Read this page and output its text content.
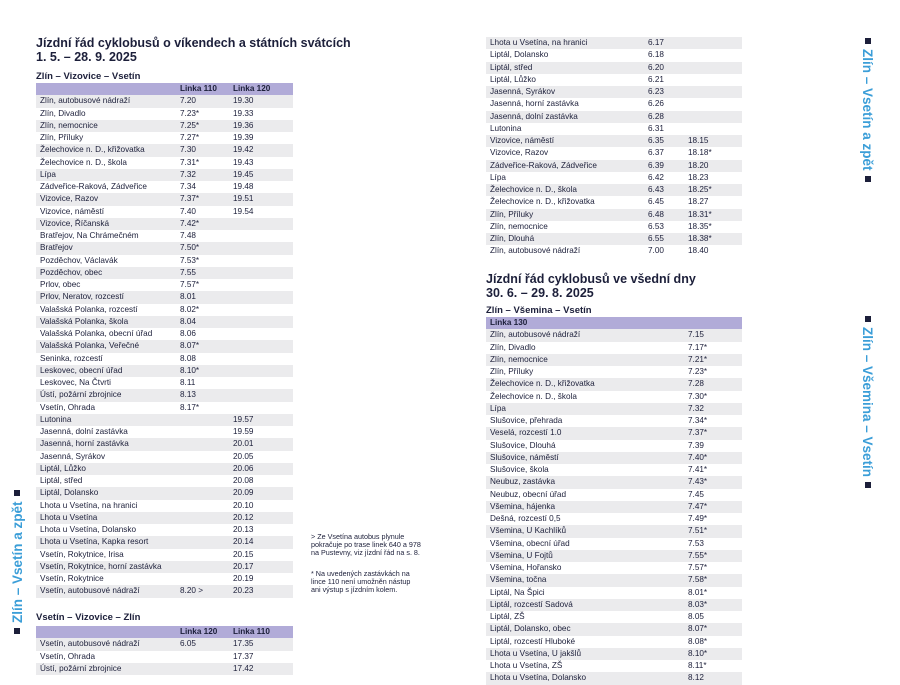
Jízdní řád cyklobusů o víkendech a státních svátcích
1. 5. – 28. 9. 2025
Zlín – Vizovice – Vsetín
	Linka 110	Linka 120
Zlín, autobusové nádraží	7.20	19.30
Zlín, Divadlo	7.23*	19.33
Zlín, nemocnice	7.25*	19.36
Zlín, Příluky	7.27*	19.39
Želechovice n. D., křižovatka	7.30	19.42
Želechovice n. D., škola	7.31*	19.43
Lípa	7.32	19.45
Zádveřice-Raková, Zádveřice	7.34	19.48
Vizovice, Razov	7.37*	19.51
Vizovice, náměstí	7.40	19.54
Vizovice, Říčanská	7.42*	
Bratřejov, Na Chrámečném	7.48	
Bratřejov	7.50*	
Pozděchov, Václavák	7.53*	
Pozděchov, obec	7.55	
Prlov, obec	7.57*	
Prlov, Neratov, rozcestí	8.01	
Valašská Polanka, rozcestí	8.02*	
Valašská Polanka, škola	8.04	
Valašská Polanka, obecní úřad	8.06	
Valašská Polanka, Veřečné	8.07*	
Seninka, rozcestí	8.08	
Leskovec, obecní úřad	8.10*	
Leskovec, Na Čtvrti	8.11	
Ústí, požární zbrojnice	8.13	
Vsetín, Ohrada	8.17*	
Lutonina		19.57
Jasenná, dolní zastávka		19.59
Jasenná, horní zastávka		20.01
Jasenná, Syrákov		20.05
Liptál, Lůžko		20.06
Liptál, střed		20.08
Liptál, Dolansko		20.09
Lhota u Vsetína, na hranici		20.10
Lhota u Vsetína		20.12
Lhota u Vsetína, Dolansko		20.13
Lhota u Vsetína, Kapka resort		20.14
Vsetín, Rokytnice, Irisa		20.15
Vsetín, Rokytnice, horní zastávka		20.17
Vsetín, Rokytnice		20.19
Vsetín, autobusové nádraží	8.20 >	20.23
> Ze Vsetína autobus plynule pokračuje po trase linek 640 a 978 na Pustevny, viz jízdní řád na s. 8.
* Na uvedených zastávkách na lince 110 není umožněn nástup ani výstup s jízdním kolem.
Vsetín – Vizovice – Zlín
	Linka 120	Linka 110
Vsetín, autobusové nádraží	6.05	17.35
Vsetín, Ohrada		17.37
Ústí, požární zbrojnice		17.42
Zlín – Vsetín a zpět
Lhota u Vsetína, na hranici	6.17	
Liptál, Dolansko	6.18	
Liptál, střed	6.20	
Liptál, Lůžko	6.21	
Jasenná, Syrákov	6.23	
Jasenná, horní zastávka	6.26	
Jasenná, dolní zastávka	6.28	
Lutonina	6.31	
Vizovice, náměstí	6.35	18.15
Vizovice, Razov	6.37	18.18*
Zádveřice-Raková, Zádveřice	6.39	18.20
Lípa	6.42	18.23
Želechovice n. D., škola	6.43	18.25*
Želechovice n. D., křižovatka	6.45	18.27
Zlín, Příluky	6.48	18.31*
Zlín, nemocnice	6.53	18.35*
Zlín, Dlouhá	6.55	18.38*
Zlín, autobusové nádraží	7.00	18.40
Jízdní řád cyklobusů ve všední dny
30. 6. – 29. 8. 2025
Zlín – Všemina – Vsetín
Linka 130	
Zlín, autobusové nádraží	7.15
Zlín, Divadlo	7.17*
Zlín, nemocnice	7.21*
Zlín, Příluky	7.23*
Želechovice n. D., křižovatka	7.28
Želechovice n. D., škola	7.30*
Lípa	7.32
Slušovice, přehrada	7.34*
Veselá, rozcestí 1.0	7.37*
Slušovice, Dlouhá	7.39
Slušovice, náměstí	7.40*
Slušovice, škola	7.41*
Neubuz, zastávka	7.43*
Neubuz, obecní úřad	7.45
Všemina, hájenka	7.47*
Dešná, rozcestí 0,5	7.49*
Všemina, U Kachlíků	7.51*
Všemina, obecní úřad	7.53
Všemina, U Fojtů	7.55*
Všemina, Hořansko	7.57*
Všemina, točna	7.58*
Liptál, Na Špici	8.01*
Liptál, rozcestí Sadová	8.03*
Liptál, ZŠ	8.05
Liptál, Dolansko, obec	8.07*
Liptál, rozcestí Hluboké	8.08*
Lhota u Vsetína, U jakšlů	8.10*
Lhota u Vsetína, ZŠ	8.11*
Lhota u Vsetína, Dolansko	8.12
Zlín – Vsetín a zpět
Zlín – Všemina – Vsetín
